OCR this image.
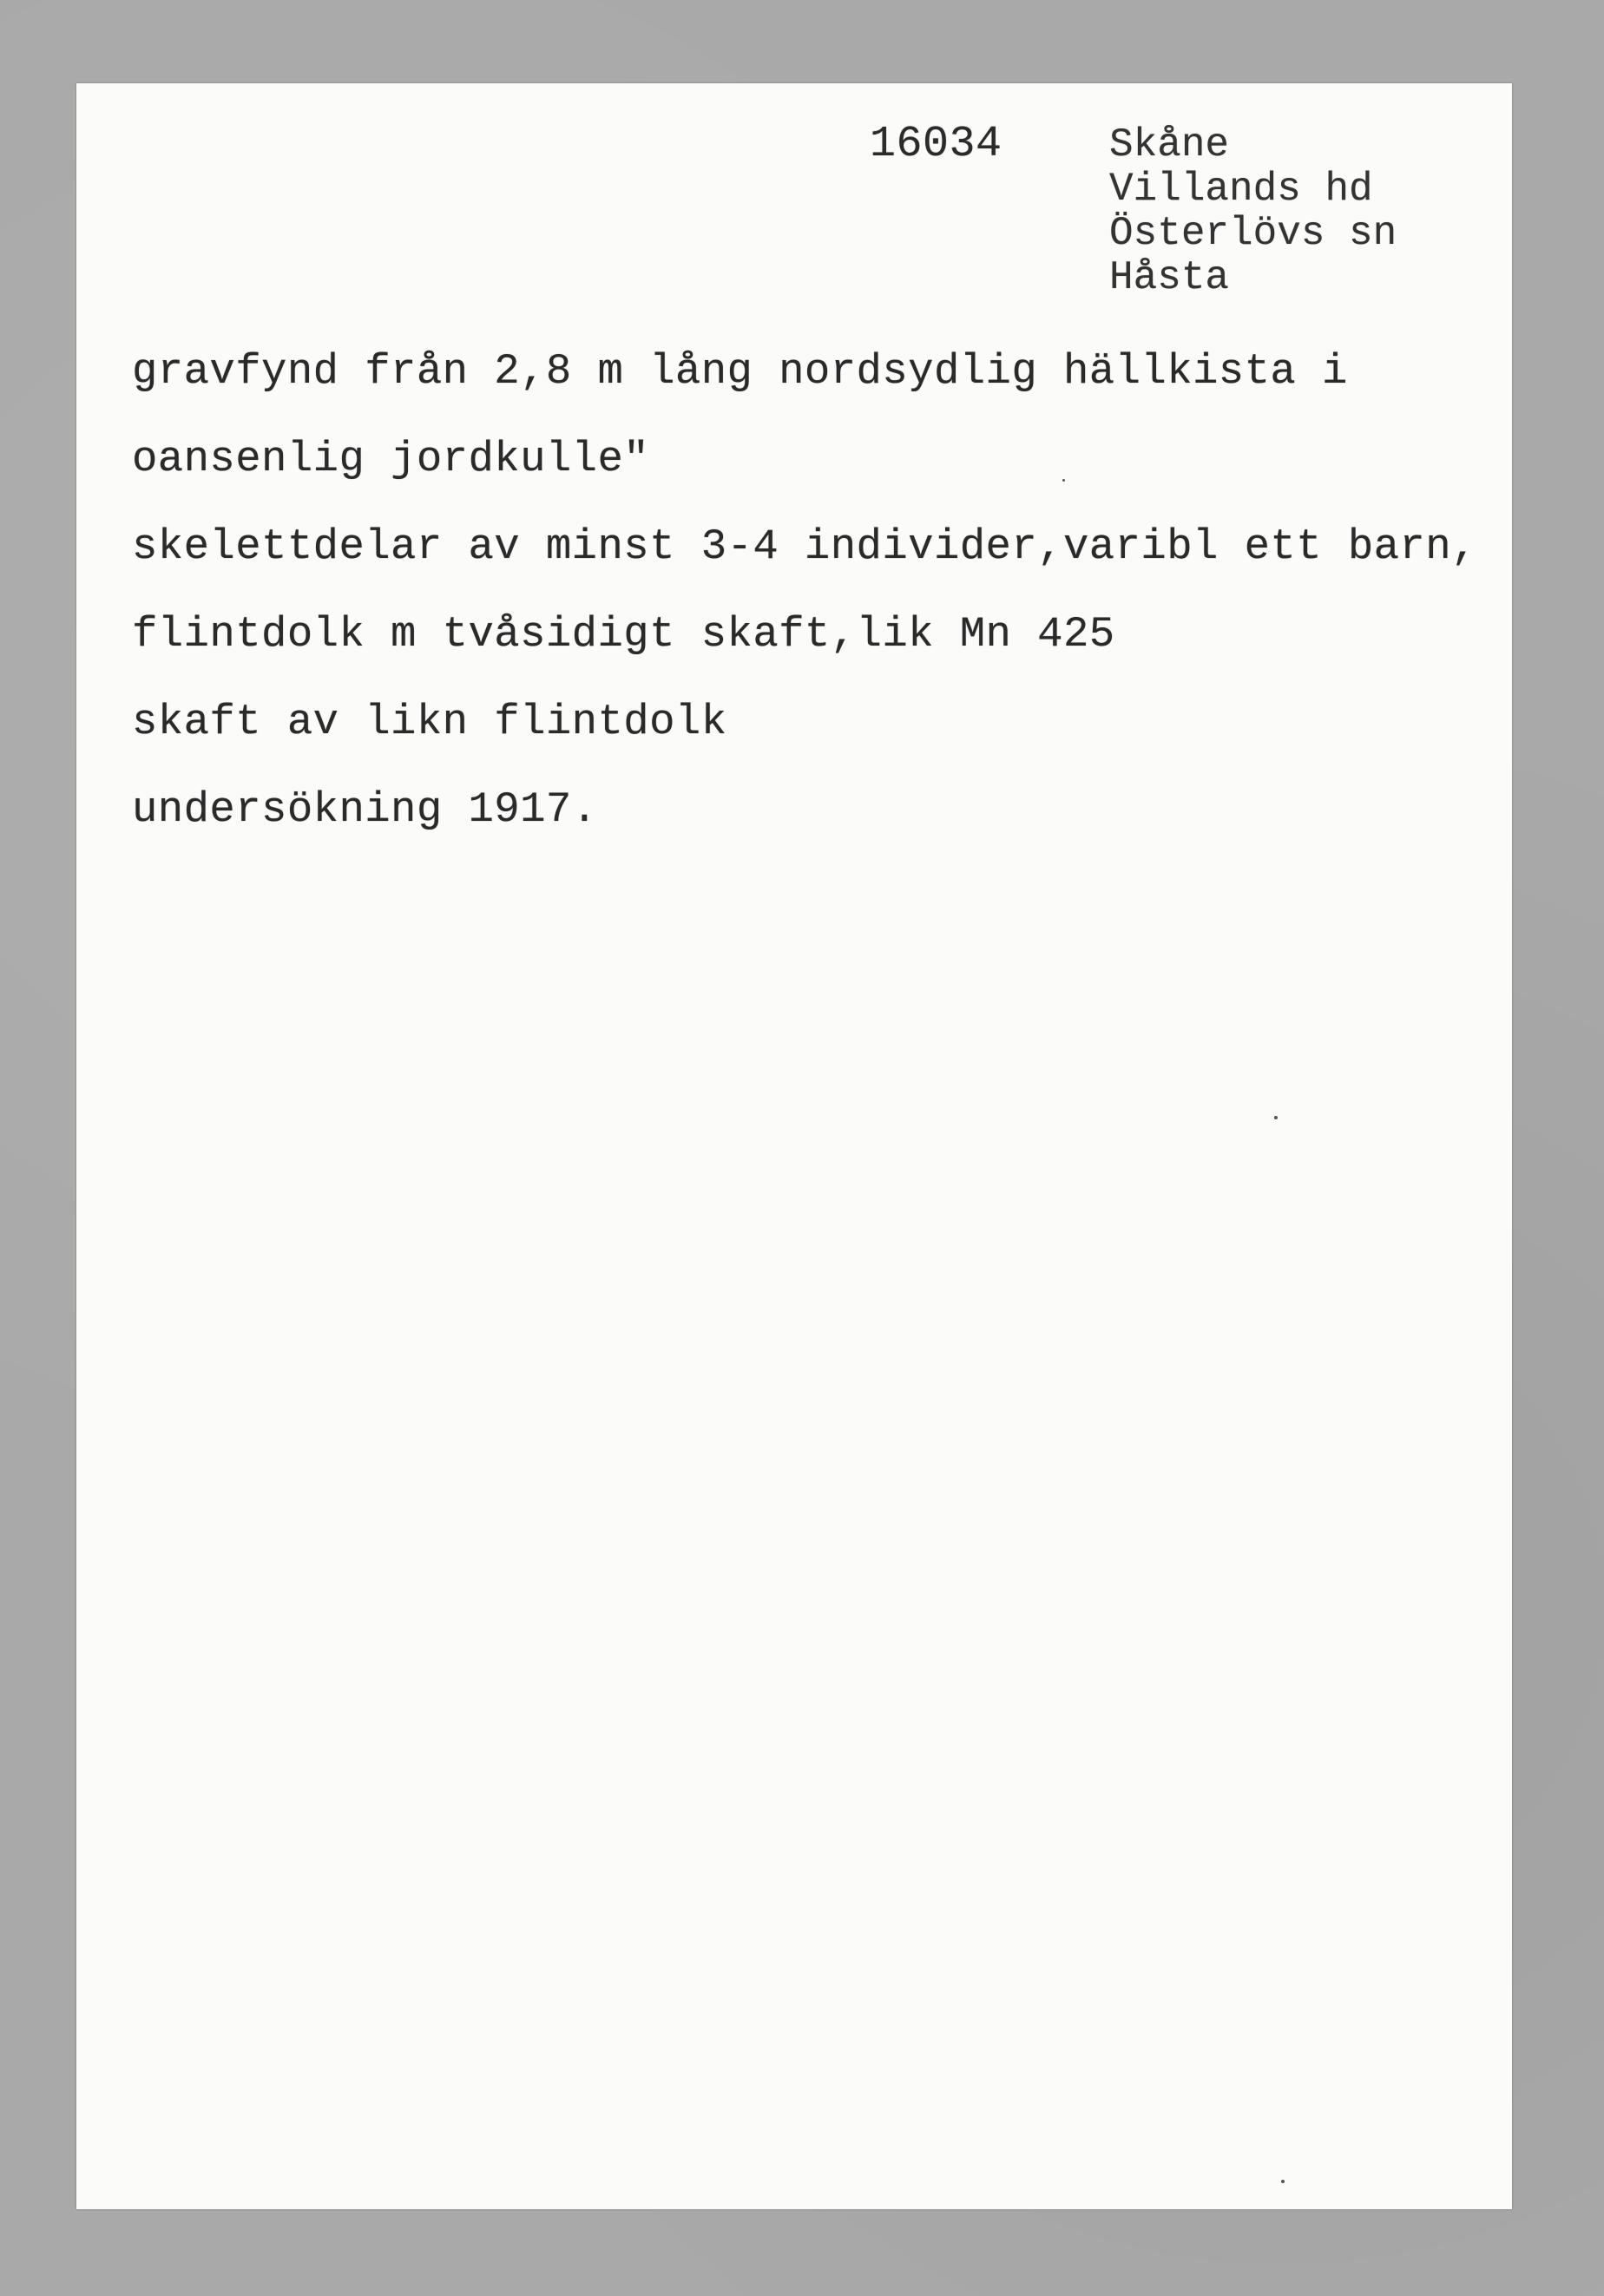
16034	Skåne
Villands hd
Österlövs sn
Håsta
gravfynd från 2,8 m lång nordsydlig hällkista i
oansenlig jordkulle"
skelettdelar av minst 3-4 individer,varibl ett barn,
flintdolk m tvåsidigt skaft,lik Mn 425
skaft av likn flintdolk
undersökning 1917.
